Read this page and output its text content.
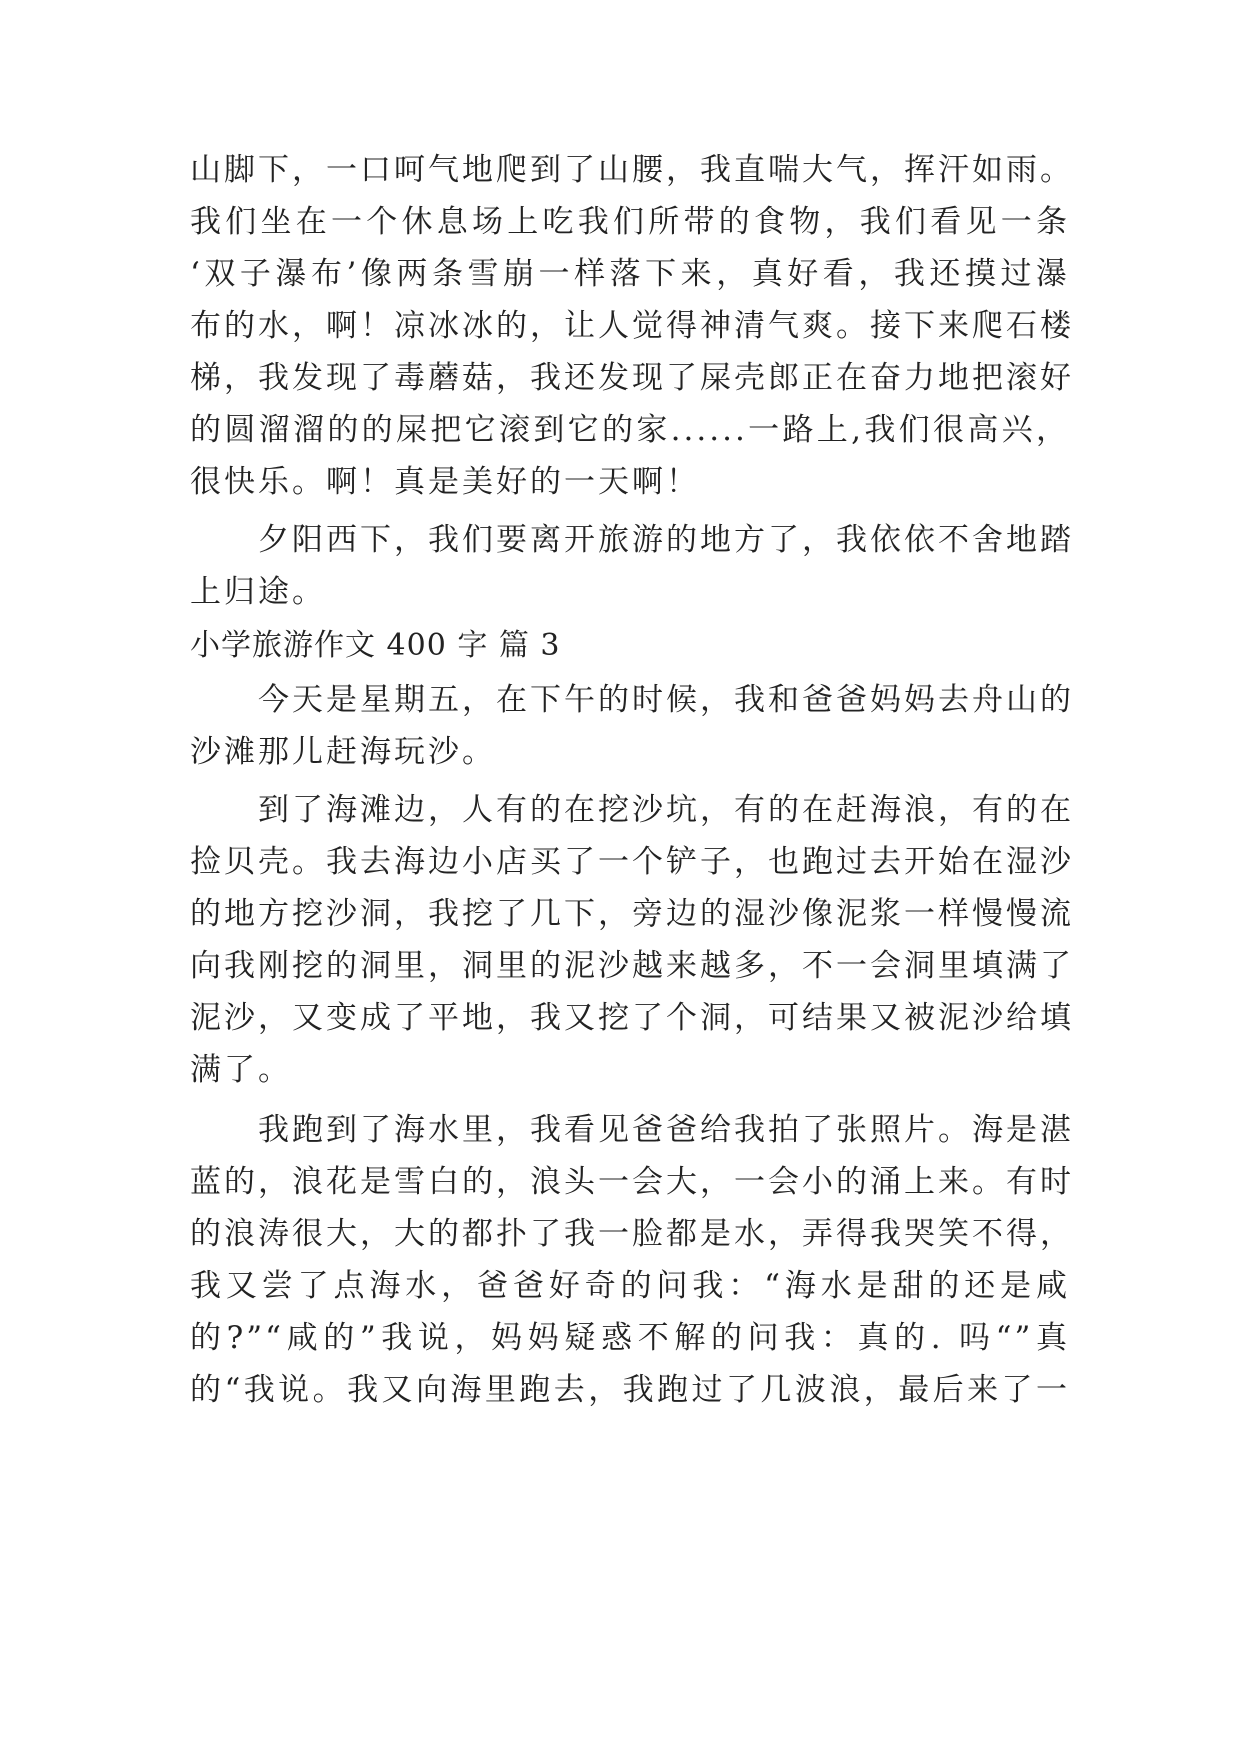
山脚下，一口呵气地爬到了山腰，我直喘大气，挥汗如雨。
我们坐在一个休息场上吃我们所带的食物，我们看见一条
‘双子瀑布’像两条雪崩一样落下来，真好看，我还摸过瀑
布的水，啊！凉冰冰的，让人觉得神清气爽。接下来爬石楼
梯，我发现了毒蘑菇，我还发现了屎壳郎正在奋力地把滚好
的圆溜溜的的屎把它滚到它的家......一路上,我们很高兴，
很快乐。啊！真是美好的一天啊！
　　夕阳西下，我们要离开旅游的地方了，我依依不舍地踏
上归途。
小学旅游作文 400 字 篇 3
　　今天是星期五，在下午的时候，我和爸爸妈妈去舟山的
沙滩那儿赶海玩沙。
　　到了海滩边，人有的在挖沙坑，有的在赶海浪，有的在
捡贝壳。我去海边小店买了一个铲子，也跑过去开始在湿沙
的地方挖沙洞，我挖了几下，旁边的湿沙像泥浆一样慢慢流
向我刚挖的洞里，洞里的泥沙越来越多，不一会洞里填满了
泥沙，又变成了平地，我又挖了个洞，可结果又被泥沙给填
满了。
　　我跑到了海水里，我看见爸爸给我拍了张照片。海是湛
蓝的，浪花是雪白的，浪头一会大，一会小的涌上来。有时
的浪涛很大，大的都扑了我一脸都是水，弄得我哭笑不得，
我又尝了点海水，爸爸好奇的问我：“海水是甜的还是咸
的?”“咸的”我说，妈妈疑惑不解的问我：真的. 吗“”真
的“我说。我又向海里跑去，我跑过了几波浪，最后来了一
